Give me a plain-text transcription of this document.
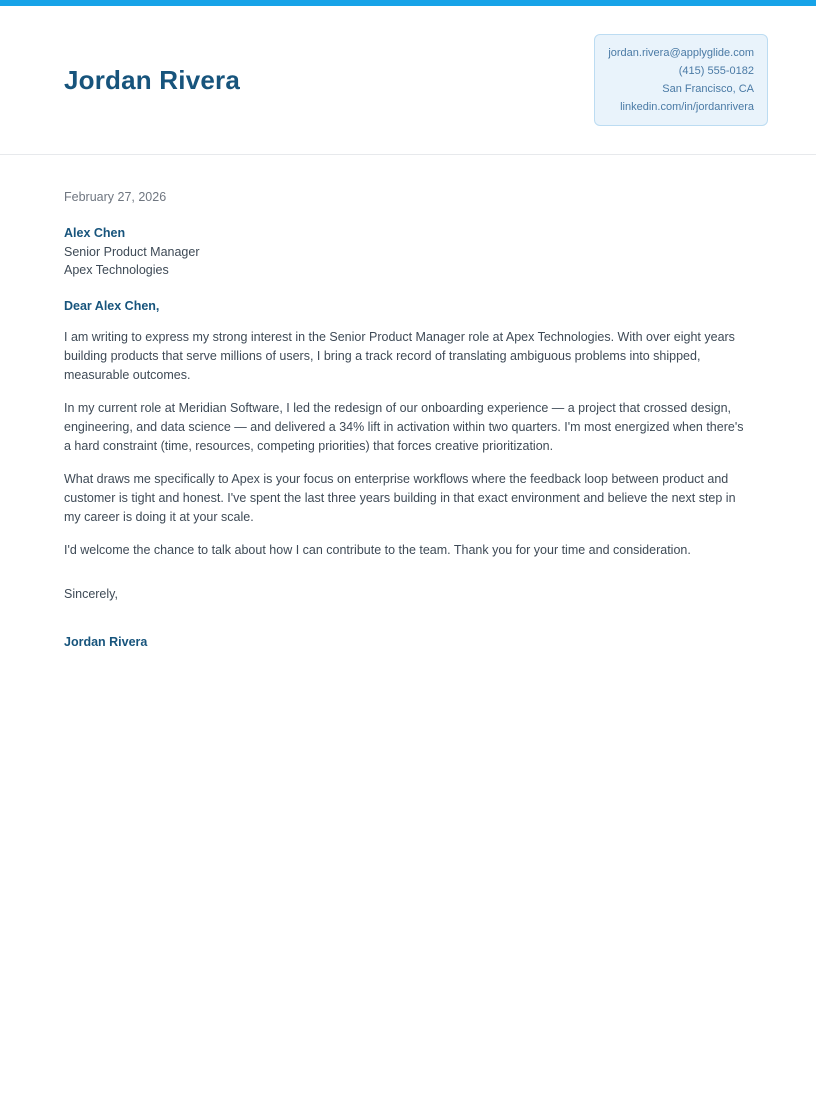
Jordan Rivera
jordan.rivera@applyglide.com
(415) 555-0182
San Francisco, CA
linkedin.com/in/jordanrivera

February 27, 2026

Alex Chen

Senior Product Manager

Apex Technologies

Dear Alex Chen,

I am writing to express my strong interest in the Senior Product Manager role at Apex Technologies. With over eight years building products that serve millions of users, I bring a track record of translating ambiguous problems into shipped, measurable outcomes.

In my current role at Meridian Software, I led the redesign of our onboarding experience — a project that crossed design, engineering, and data science — and delivered a 34% lift in activation within two quarters. I'm most energized when there's a hard constraint (time, resources, competing priorities) that forces creative prioritization.

What draws me specifically to Apex is your focus on enterprise workflows where the feedback loop between product and customer is tight and honest. I've spent the last three years building in that exact environment and believe the next step in my career is doing it at your scale.

I'd welcome the chance to talk about how I can contribute to the team. Thank you for your time and consideration.

Sincerely,

Jordan Rivera
